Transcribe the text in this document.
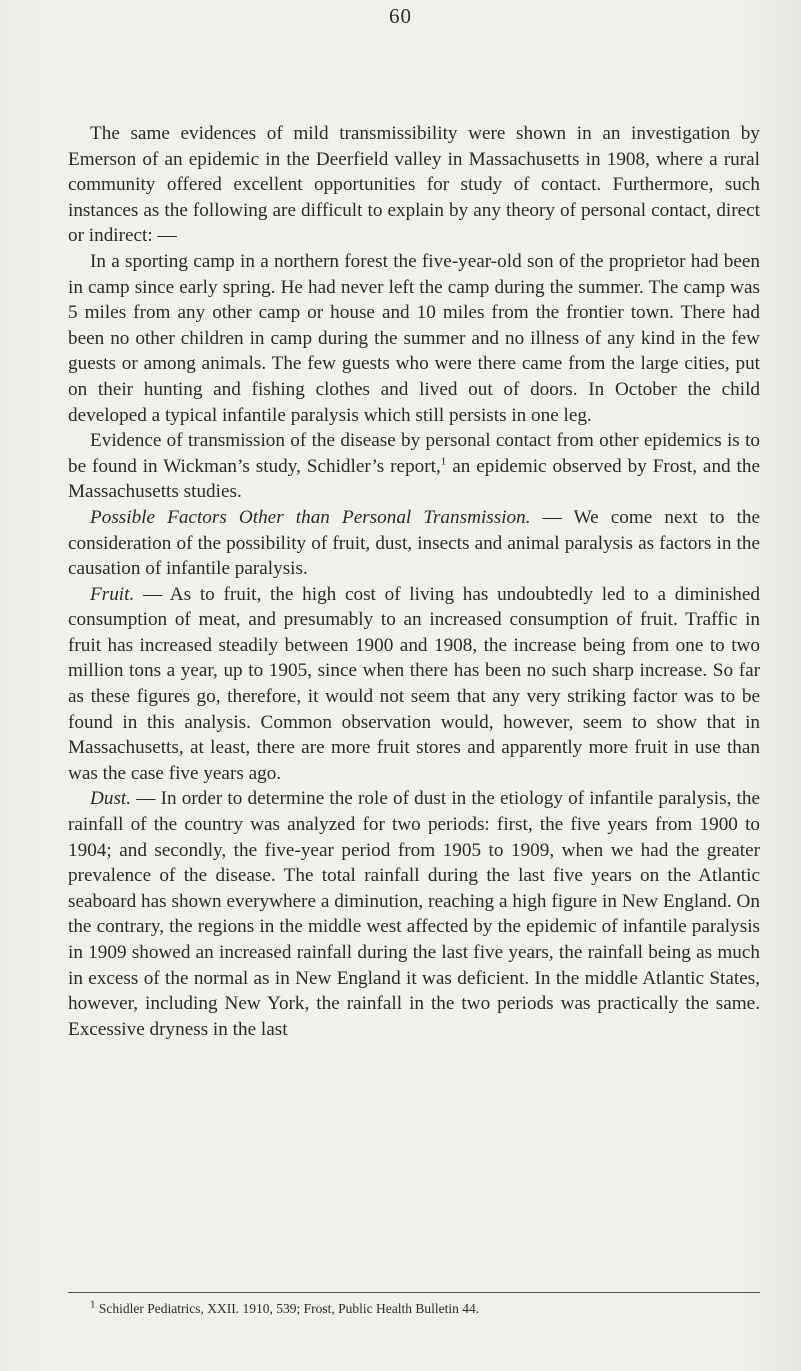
60

The same evidences of mild transmissibility were shown in an investigation by Emerson of an epidemic in the Deerfield valley in Massachusetts in 1908, where a rural community offered excellent opportunities for study of contact. Furthermore, such instances as the following are difficult to explain by any theory of personal contact, direct or indirect: —

In a sporting camp in a northern forest the five-year-old son of the proprietor had been in camp since early spring. He had never left the camp during the summer. The camp was 5 miles from any other camp or house and 10 miles from the frontier town. There had been no other children in camp during the summer and no illness of any kind in the few guests or among animals. The few guests who were there came from the large cities, put on their hunting and fishing clothes and lived out of doors. In October the child developed a typical infantile paralysis which still persists in one leg.

Evidence of transmission of the disease by personal contact from other epidemics is to be found in Wickman’s study, Schidler’s report,$^1$ an epidemic observed by Frost, and the Massachusetts studies.

Possible Factors Other than Personal Transmission. — We come next to the consideration of the possibility of fruit, dust, insects and animal paralysis as factors in the causation of infantile paralysis.

Fruit. — As to fruit, the high cost of living has undoubtedly led to a diminished consumption of meat, and presumably to an increased consumption of fruit. Traffic in fruit has increased steadily between 1900 and 1908, the increase being from one to two million tons a year, up to 1905, since when there has been no such sharp increase. So far as these figures go, therefore, it would not seem that any very striking factor was to be found in this analysis. Common observation would, however, seem to show that in Massachusetts, at least, there are more fruit stores and apparently more fruit in use than was the case five years ago.

Dust. — In order to determine the role of dust in the etiology of infantile paralysis, the rainfall of the country was analyzed for two periods: first, the five years from 1900 to 1904; and secondly, the five-year period from 1905 to 1909, when we had the greater prevalence of the disease. The total rainfall during the last five years on the Atlantic seaboard has shown everywhere a diminution, reaching a high figure in New England. On the contrary, the regions in the middle west affected by the epidemic of infantile paralysis in 1909 showed an increased rainfall during the last five years, the rainfall being as much in excess of the normal as in New England it was deficient. In the middle Atlantic States, however, including New York, the rainfall in the two periods was practically the same. Excessive dryness in the last

$^1$ Schidler Pediatrics, XXII. 1910, 539; Frost, Public Health Bulletin 44.
